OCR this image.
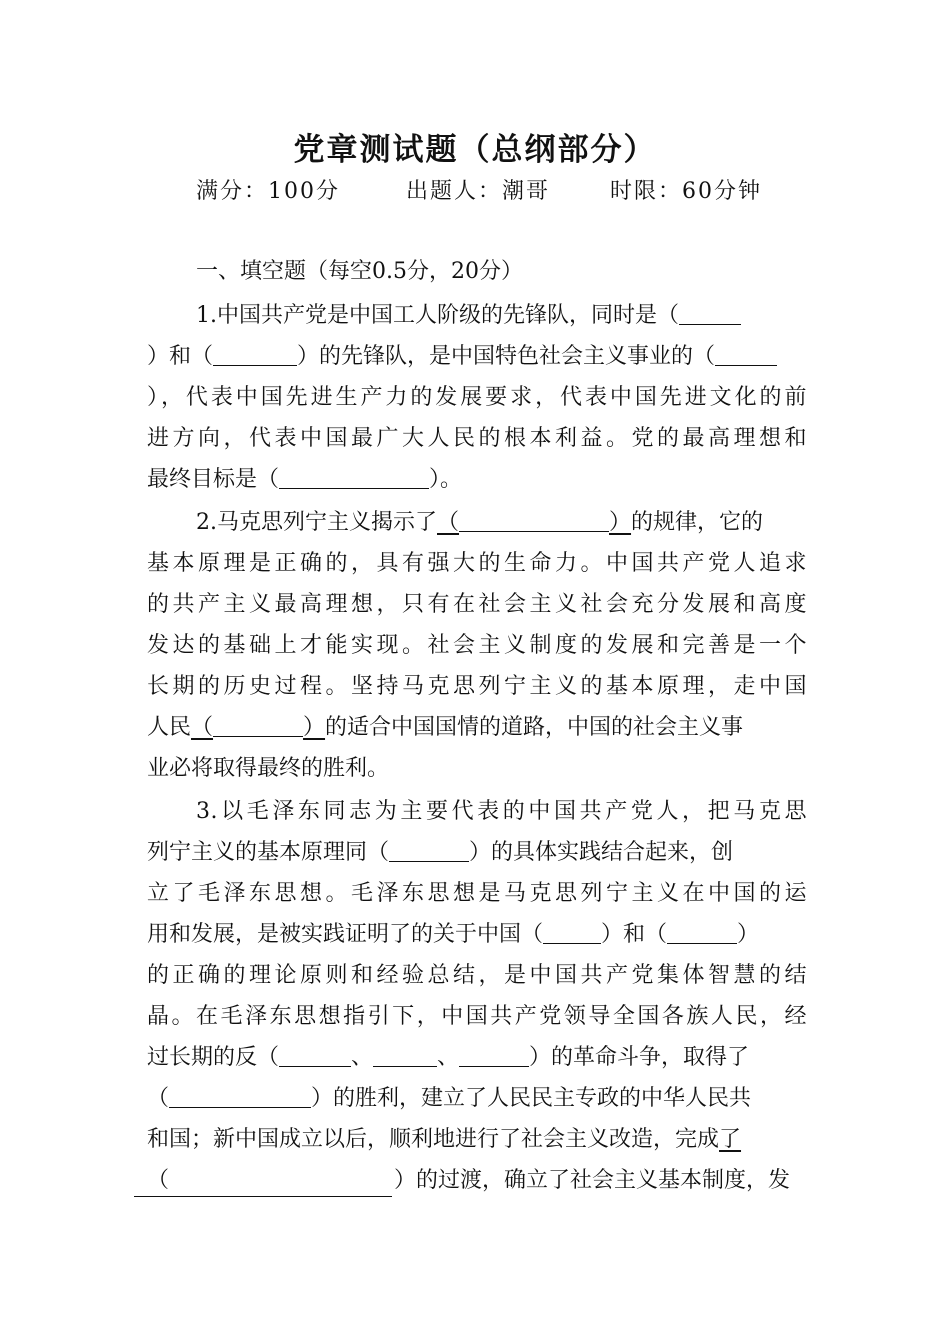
党章测试题（总纲部分）
满分：100分	出题人：潮哥	时限：60分钟
一、填空题（每空0.5分，20分）
1.中国共产党是中国工人阶级的先锋队，同时是（
）和（	）的先锋队，是中国特色社会主义事业的（
），代表中国先进生产力的发展要求，代表中国先进文化的前
进方向，代表中国最广大人民的根本利益。党的最高理想和
最终目标是（	）。
2.马克思列宁主义揭示了（	）的规律，它的
基本原理是正确的，具有强大的生命力。中国共产党人追求
的共产主义最高理想，只有在社会主义社会充分发展和高度
发达的基础上才能实现。社会主义制度的发展和完善是一个
长期的历史过程。坚持马克思列宁主义的基本原理，走中国
人民（	）的适合中国国情的道路，中国的社会主义事
业必将取得最终的胜利。
3.以毛泽东同志为主要代表的中国共产党人，把马克思
列宁主义的基本原理同（	）的具体实践结合起来，创
立了毛泽东思想。毛泽东思想是马克思列宁主义在中国的运
用和发展，是被实践证明了的关于中国（	）和（	）
的正确的理论原则和经验总结，是中国共产党集体智慧的结
晶。在毛泽东思想指引下，中国共产党领导全国各族人民，经
过长期的反（	、	、	）的革命斗争，取得了
（	）的胜利，建立了人民民主专政的中华人民共
和国；新中国成立以后，顺利地进行了社会主义改造，完成了
（	）的过渡，确立了社会主义基本制度，发
